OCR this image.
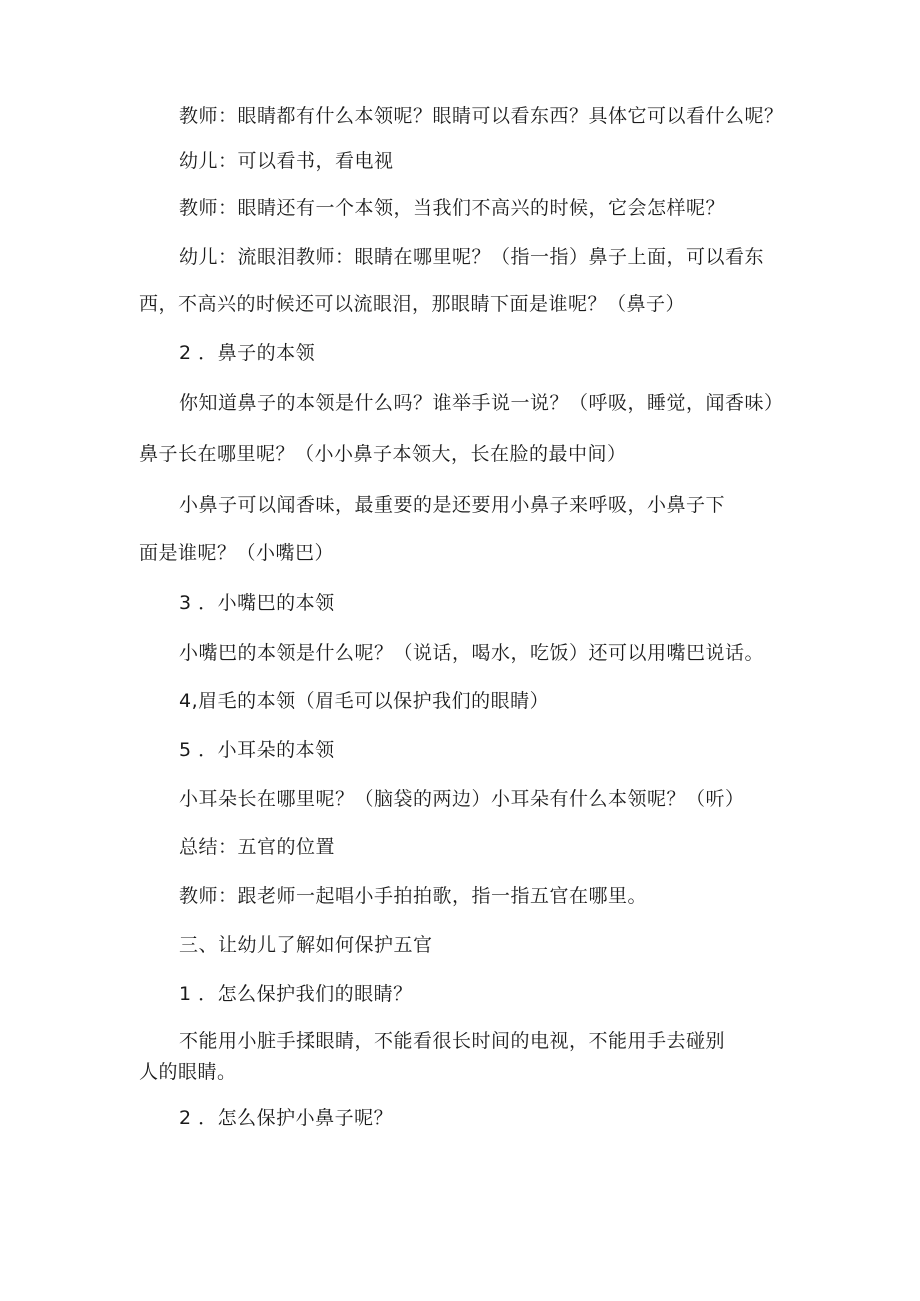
教师：眼睛都有什么本领呢？眼睛可以看东西？具体它可以看什么呢？

幼儿：可以看书，看电视

教师：眼睛还有一个本领，当我们不高兴的时候，它会怎样呢？

幼儿：流眼泪教师：眼睛在哪里呢？（指一指）鼻子上面，可以看东

西，不高兴的时候还可以流眼泪，那眼睛下面是谁呢？（鼻子）

2 ．鼻子的本领

你知道鼻子的本领是什么吗？谁举手说一说？（呼吸，睡觉，闻香味）

鼻子长在哪里呢？（小小鼻子本领大，长在脸的最中间）

小鼻子可以闻香味，最重要的是还要用小鼻子来呼吸，小鼻子下

面是谁呢？（小嘴巴）

3 ．小嘴巴的本领

小嘴巴的本领是什么呢？（说话，喝水，吃饭）还可以用嘴巴说话。

4,眉毛的本领（眉毛可以保护我们的眼睛）

5 ．小耳朵的本领

小耳朵长在哪里呢？（脑袋的两边）小耳朵有什么本领呢？（听）

总结：五官的位置

教师：跟老师一起唱小手拍拍歌，指一指五官在哪里。

三、让幼儿了解如何保护五官

1 ．怎么保护我们的眼睛？

不能用小脏手揉眼睛，不能看很长时间的电视，不能用手去碰别

人的眼睛。

2 ．怎么保护小鼻子呢？
